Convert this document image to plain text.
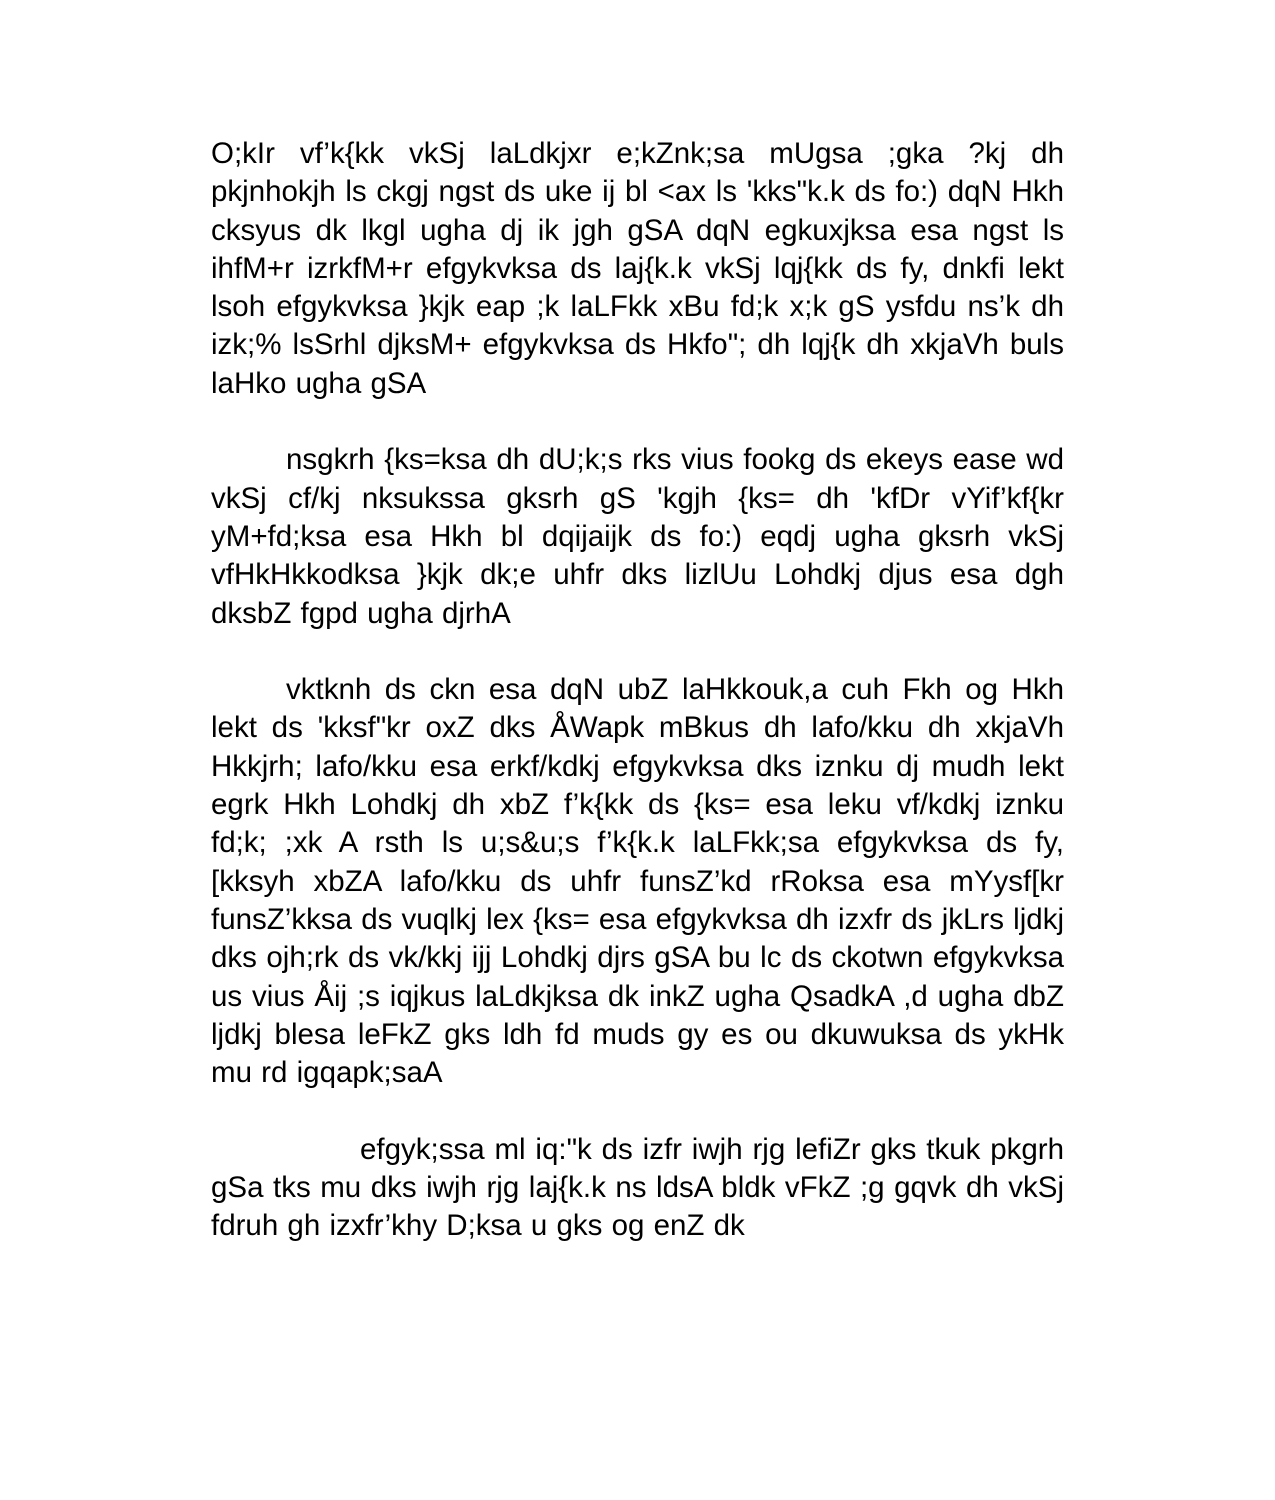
O;kIr vf’k{kk vkSj laLdkjxr e;kZnk;sa mUgsa ;gka ?kj dh pkjnhokjh ls ckgj ngst ds uke ij bl <ax ls 'kks"k.k ds fo:) dqN Hkh cksyus dk lkgl ugha dj ik jgh gSA dqN egkuxjksa esa ngst ls ihfM+r izrkfM+r efgykvksa ds laj{k.k vkSj lqj{kk ds fy, dnkfi lekt lsoh efgykvksa }kjk eap ;k laLFkk xBu fd;k x;k gS ysfdu ns’k dh izk;% lsSrhl djksM+ efgykvksa ds Hkfo"; dh lqj{k dh xkjaVh buls laHko ugha gSA

nsgkrh {ks=ksa dh dU;k;s rks vius fookg ds ekeys ease wd vkSj cf/kj nksukssa gksrh gS 'kgjh {ks= dh 'kfDr vYif’kf{kr yM+fd;ksa esa Hkh bl dqijaijk ds fo:) eqdj ugha gksrh vkSj vfHkHkkodksa }kjk dk;e uhfr dks lizlUu Lohdkj djus esa dgh dksbZ fgpd ugha djrhA

vktknh ds ckn esa dqN ubZ laHkkouk,a cuh Fkh og Hkh lekt ds 'kksf"kr oxZ dks ÅWapk mBkus dh lafo/kku dh xkjaVh Hkkjrh; lafo/kku esa erkf/kdkj efgykvksa dks iznku dj mudh lekt egrk Hkh Lohdkj dh xbZ f’k{kk ds {ks= esa leku vf/kdkj iznku fd;k; ;xk A rsth ls u;s&u;s f’k{k.k laLFkk;sa efgykvksa ds fy, [kksyh xbZA lafo/kku ds uhfr funsZ’kd rRoksa esa mYysf[kr funsZ’kksa ds vuqlkj lex {ks= esa efgykvksa dh izxfr ds jkLrs ljdkj dks ojh;rk ds vk/kkj ijj Lohdkj djrs gSA bu lc ds ckotwn efgykvksa us vius Åij ;s iqjkus laLdkjksa dk inkZ ugha QsadkA ,d ugha dbZ ljdkj blesa leFkZ gks ldh fd muds gy es ou dkuwuksa ds ykHk mu rd igqapk;saA

efgyk;ssa ml iq:"k ds izfr iwjh rjg lefiZr gks tkuk pkgrh gSa tks mu dks iwjh rjg laj{k.k ns ldsA bldk vFkZ ;g gqvk dh vkSj fdruh gh izxfr’khy D;ksa u gks og enZ dk
